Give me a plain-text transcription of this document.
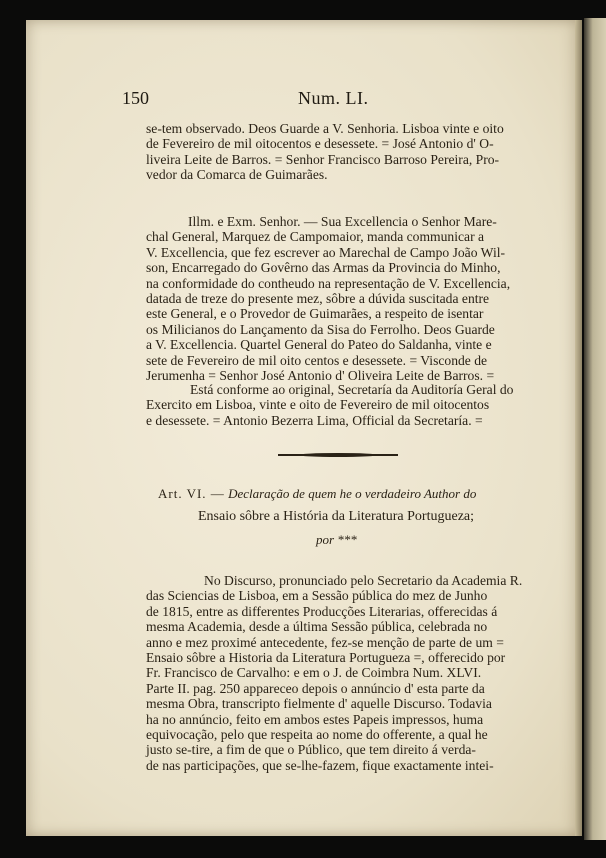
150	Num. LI.
se-tem observado. Deos Guarde a V. Senhoria. Lisboa vinte e oito
de Fevereiro de mil oitocentos e desessete. = José Antonio d' O-
liveira Leite de Barros. = Senhor Francisco Barroso Pereira, Pro-
vedor da Comarca de Guimarães.
Illm. e Exm. Senhor. — Sua Excellencia o Senhor Mare-
chal General, Marquez de Campomaior, manda communicar a
V. Excellencia, que fez escrever ao Marechal de Campo João Wil-
son, Encarregado do Govêrno das Armas da Provincia do Minho,
na conformidade do contheudo na representação de V. Excellencia,
datada de treze do presente mez, sôbre a dúvida suscitada entre
este General, e o Provedor de Guimarães, a respeito de isentar
os Milicianos do Lançamento da Sisa do Ferrolho. Deos Guarde
a V. Excellencia. Quartel General do Pateo do Saldanha, vinte e
sete de Fevereiro de mil oito centos e desessete. = Visconde de
Jerumenha = Senhor José Antonio d' Oliveira Leite de Barros. =
Está conforme ao original, Secretaría da Auditoría Geral do
Exercito em Lisboa, vinte e oito de Fevereiro de mil oitocentos
e desessete. = Antonio Bezerra Lima, Official da Secretaría. =
Art. VI. — Declaração de quem he o verdadeiro Author do
Ensaio sôbre a História da Literatura Portugueza;
por ***
No Discurso, pronunciado pelo Secretario da Academia R.
das Sciencias de Lisboa, em a Sessão pública do mez de Junho
de 1815, entre as differentes Producções Literarias, offerecidas á
mesma Academia, desde a última Sessão pública, celebrada no
anno e mez proximé antecedente, fez-se menção de parte de um =
Ensaio sôbre a Historia da Literatura Portugueza =, offerecido por
Fr. Francisco de Carvalho: e em o J. de Coimbra Num. XLVI.
Parte II. pag. 250 appareceo depois o annúncio d' esta parte da
mesma Obra, transcripto fielmente d' aquelle Discurso. Todavia
ha no annúncio, feito em ambos estes Papeis impressos, huma
equivocação, pelo que respeita ao nome do offerente, a qual he
justo se-tire, a fim de que o Público, que tem direito á verda-
de nas participações, que se-lhe-fazem, fique exactamente intei-
